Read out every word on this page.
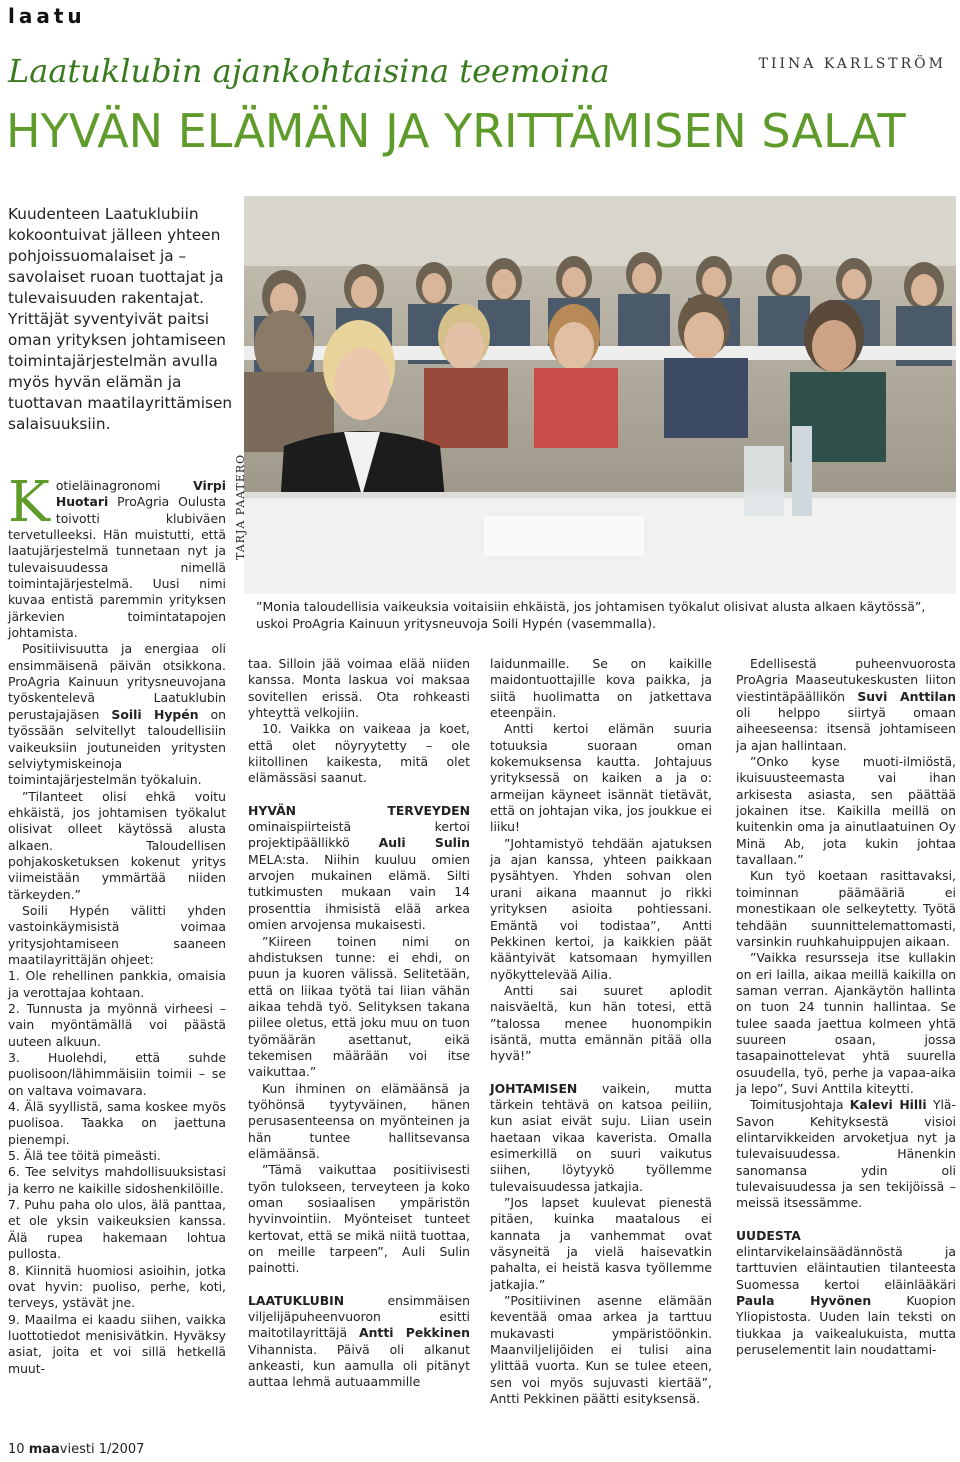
laatu
TIINA KARLSTRÖM
Laatuklubin ajankohtaisina teemoina
HYVÄN ELÄMÄN JA YRITTÄMISEN SALAT

Kuudenteen Laatuklubiin kokoontuivat jälleen yhteen pohjoissuomalaiset ja – savolaiset ruoan tuottajat ja tulevaisuuden rakentajat. Yrittäjät syventyivät paitsi oman yrityksen johtamiseen toimintajärjestelmän avulla myös hyvän elämän ja tuottavan maatilayrittämisen salaisuuksiin.

TARJA PAATERO
”Monia taloudellisia vaikeuksia voitaisiin ehkäistä, jos johtamisen työkalut olisivat alusta alkaen käytössä”, uskoi ProAgria Kainuun yritysneuvoja Soili Hypén (vasemmalla).

Kotieläinagronomi Virpi Huotari ProAgria Oulusta toivotti klubiväen tervetulleeksi. Hän muistutti, että laatujärjestelmä tunnetaan nyt ja tulevaisuudessa nimellä toimintajärjestelmä. Uusi nimi kuvaa entistä paremmin yrityksen järkevien toimintatapojen johtamista.

Positiivisuutta ja energiaa oli ensimmäisenä päivän otsikkona. ProAgria Kainuun yritysneuvojana työskentelevä Laatuklubin perustajajäsen Soili Hypén on työssään selvitellyt taloudellisiin vaikeuksiin joutuneiden yritysten selviytymiskeinoja toimintajärjestelmän työkaluin.

”Tilanteet olisi ehkä voitu ehkäistä, jos johtamisen työkalut olisivat olleet käytössä alusta alkaen. Taloudellisen pohjakosketuksen kokenut yritys viimeistään ymmärtää niiden tärkeyden.”

Soili Hypén välitti yhden vastoinkäymisistä voimaa yritysjohtamiseen saaneen maatilayrittäjän ohjeet:

1. Ole rehellinen pankkia, omaisia ja verottajaa kohtaan.

2. Tunnusta ja myönnä virheesi – vain myöntämällä voi päästä uuteen alkuun.

3. Huolehdi, että suhde puolisoon/lähimmäisiin toimii – se on valtava voimavara.

4. Älä syyllistä, sama koskee myös puolisoa. Taakka on jaettuna pienempi.

5. Älä tee töitä pimeästi.

6. Tee selvitys mahdollisuuksistasi ja kerro ne kaikille sidoshenkilöille.

7. Puhu paha olo ulos, älä panttaa, et ole yksin vaikeuksien kanssa. Älä rupea hakemaan lohtua pullosta.

8. Kiinnitä huomiosi asioihin, jotka ovat hyvin: puoliso, perhe, koti, terveys, ystävät jne.

9. Maailma ei kaadu siihen, vaikka luottotiedot menisivätkin. Hyväksy asiat, joita et voi sillä hetkellä muut-

taa. Silloin jää voimaa elää niiden kanssa. Monta laskua voi maksaa sovitellen erissä. Ota rohkeasti yhteyttä velkojiin.

10. Vaikka on vaikeaa ja koet, että olet nöyryytetty – ole kiitollinen kaikesta, mitä olet elämässäsi saanut.

HYVÄN TERVEYDEN ominaispiirteistä kertoi projektipäällikkö Auli Sulin MELA:sta. Niihin kuuluu omien arvojen mukainen elämä. Silti tutkimusten mukaan vain 14 prosenttia ihmisistä elää arkea omien arvojensa mukaisesti.

”Kiireen toinen nimi on ahdistuksen tunne: ei ehdi, on puun ja kuoren välissä. Selitetään, että on liikaa työtä tai liian vähän aikaa tehdä työ. Selityksen takana piilee oletus, että joku muu on tuon työmäärän asettanut, eikä tekemisen määrään voi itse vaikuttaa.”

Kun ihminen on elämäänsä ja työhönsä tyytyväinen, hänen perusasenteensa on myönteinen ja hän tuntee hallitsevansa elämäänsä.

”Tämä vaikuttaa positiivisesti työn tulokseen, terveyteen ja koko oman sosiaalisen ympäristön hyvinvointiin. Myönteiset tunteet kertovat, että se mikä niitä tuottaa, on meille tarpeen”, Auli Sulin painotti.

LAATUKLUBIN ensimmäisen viljelijäpuheenvuoron esitti maitotilayrittäjä Antti Pekkinen Vihannista. Päivä oli alkanut ankeasti, kun aamulla oli pitänyt auttaa lehmä autuaammille

laidunmaille. Se on kaikille maidontuottajille kova paikka, ja siitä huolimatta on jatkettava eteenpäin.

Antti kertoi elämän suuria totuuksia suoraan oman kokemuksensa kautta. Johtajuus yrityksessä on kaiken a ja o: armeijan käyneet isännät tietävät, että on johtajan vika, jos joukkue ei liiku!

”Johtamistyö tehdään ajatuksen ja ajan kanssa, yhteen paikkaan pysähtyen. Yhden sohvan olen urani aikana maannut jo rikki yrityksen asioita pohtiessani. Emäntä voi todistaa”, Antti Pekkinen kertoi, ja kaikkien päät kääntyivät katsomaan hymyillen nyökyttelevää Ailia.

Antti sai suuret aplodit naisväeltä, kun hän totesi, että ”talossa menee huonompikin isäntä, mutta emännän pitää olla hyvä!”

JOHTAMISEN vaikein, mutta tärkein tehtävä on katsoa peiliin, kun asiat eivät suju. Liian usein haetaan vikaa kaverista. Omalla esimerkillä on suuri vaikutus siihen, löytyykö työllemme tulevaisuudessa jatkajia.

”Jos lapset kuulevat pienestä pitäen, kuinka maatalous ei kannata ja vanhemmat ovat väsyneitä ja vielä haisevatkin pahalta, ei heistä kasva työllemme jatkajia.”

”Positiivinen asenne elämään keventää omaa arkea ja tarttuu mukavasti ympäristöönkin. Maanviljelijöiden ei tulisi aina ylittää vuorta. Kun se tulee eteen, sen voi myös sujuvasti kiertää”, Antti Pekkinen päätti esityksensä.

Edellisestä puheenvuorosta ProAgria Maaseutukeskusten liiton viestintäpäällikön Suvi Anttilan oli helppo siirtyä omaan aiheeseensa: itsensä johtamiseen ja ajan hallintaan.

”Onko kyse muoti-ilmiöstä, ikuisuusteemasta vai ihan arkisesta asiasta, sen päättää jokainen itse. Kaikilla meillä on kuitenkin oma ja ainutlaatuinen Oy Minä Ab, jota kukin johtaa tavallaan.”

Kun työ koetaan rasittavaksi, toiminnan päämääriä ei monestikaan ole selkeytetty. Työtä tehdään suunnittelemattomasti, varsinkin ruuhkahuippujen aikaan.

”Vaikka resursseja itse kullakin on eri lailla, aikaa meillä kaikilla on saman verran. Ajankäytön hallinta on tuon 24 tunnin hallintaa. Se tulee saada jaettua kolmeen yhtä suureen osaan, jossa tasapainottelevat yhtä suurella osuudella, työ, perhe ja vapaa-aika ja lepo”, Suvi Anttila kiteytti.

Toimitusjohtaja Kalevi Hilli Ylä-Savon Kehityksestä visioi elintarvikkeiden arvoketjua nyt ja tulevaisuudessa. Hänenkin sanomansa ydin oli tulevaisuudessa ja sen tekijöissä – meissä itsessämme.

UUDESTA elintarvikelainsäädännöstä ja tarttuvien eläintautien tilanteesta Suomessa kertoi eläinlääkäri Paula Hyvönen Kuopion Yliopistosta. Uuden lain teksti on tiukkaa ja vaikealukuista, mutta peruselementit lain noudattami-

10 maaviesti 1/2007
